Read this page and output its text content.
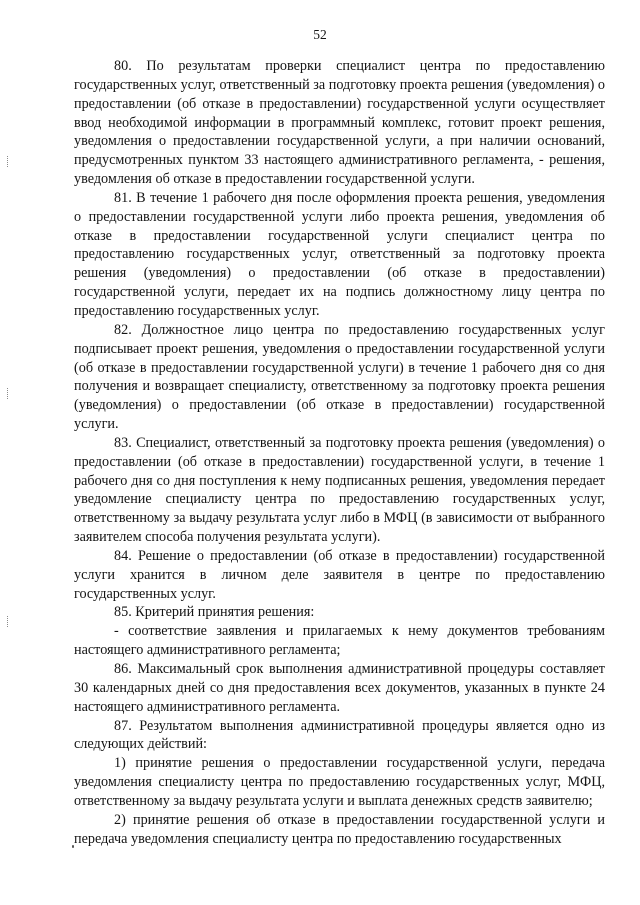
52

80. По результатам проверки специалист центра по предоставлению государственных услуг, ответственный за подготовку проекта решения (уведомления) о предоставлении (об отказе в предоставлении) государственной услуги осуществляет ввод необходимой информации в программный комплекс, готовит проект решения, уведомления о предоставлении государственной услуги, а при наличии оснований, предусмотренных пунктом 33 настоящего административного регламента, - решения, уведомления об отказе в предоставлении государственной услуги.

81. В течение 1 рабочего дня после оформления проекта решения, уведомления о предоставлении государственной услуги либо проекта решения, уведомления об отказе в предоставлении государственной услуги специалист центра по предоставлению государственных услуг, ответственный за подготовку проекта решения (уведомления) о предоставлении (об отказе в предоставлении) государственной услуги, передает их на подпись должностному лицу центра по предоставлению государственных услуг.

82. Должностное лицо центра по предоставлению государственных услуг подписывает проект решения, уведомления о предоставлении государственной услуги (об отказе в предоставлении государственной услуги) в течение 1 рабочего дня со дня получения и возвращает специалисту, ответственному за подготовку проекта решения (уведомления) о предоставлении (об отказе в предоставлении) государственной услуги.

83. Специалист, ответственный за подготовку проекта решения (уведомления) о предоставлении (об отказе в предоставлении) государственной услуги, в течение 1 рабочего дня со дня поступления к нему подписанных решения, уведомления передает уведомление специалисту центра по предоставлению государственных услуг, ответственному за выдачу результата услуг либо в МФЦ (в зависимости от выбранного заявителем способа получения результата услуги).

84. Решение о предоставлении (об отказе в предоставлении) государственной услуги хранится в личном деле заявителя в центре по предоставлению государственных услуг.

85. Критерий принятия решения:

- соответствие заявления и прилагаемых к нему документов требованиям настоящего административного регламента;

86. Максимальный срок выполнения административной процедуры составляет 30 календарных дней со дня предоставления всех документов, указанных в пункте 24 настоящего административного регламента.

87. Результатом выполнения административной процедуры является одно из следующих действий:

1) принятие решения о предоставлении государственной услуги, передача уведомления специалисту центра по предоставлению государственных услуг, МФЦ, ответственному за выдачу результата услуги и выплата денежных средств заявителю;

2) принятие решения об отказе в предоставлении государственной услуги и передача уведомления специалисту центра по предоставлению государственных
